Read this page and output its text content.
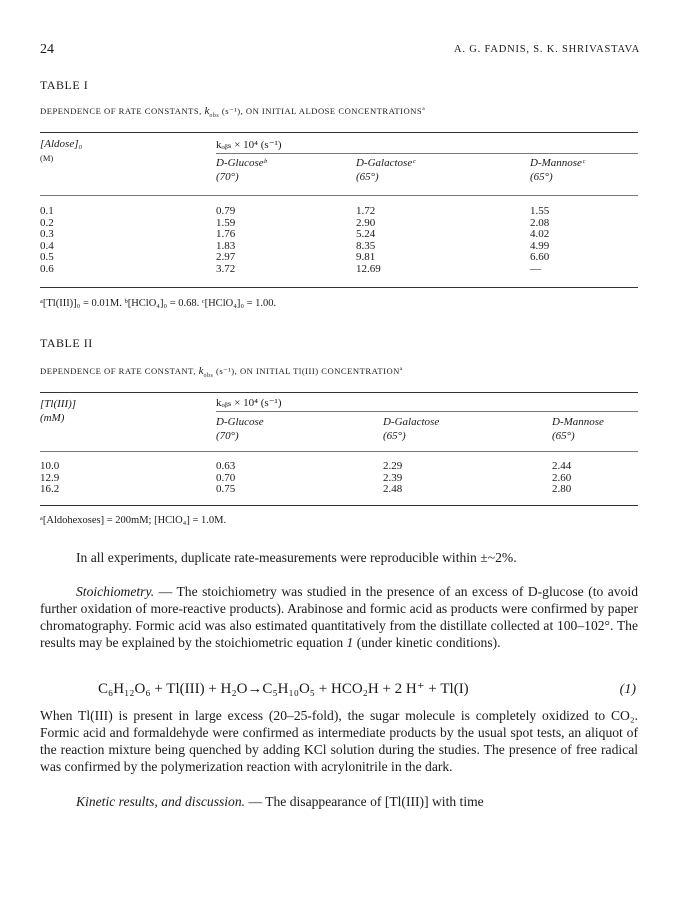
24	A. G. FADNIS, S. K. SHRIVASTAVA
TABLE I
DEPENDENCE OF RATE CONSTANTS, $k_{obs}$ (s⁻¹), ON INITIAL ALDOSE CONCENTRATIONS$^a$
[Aldose]₀
(M)
kₒᵦₛ × 10⁴ (s⁻¹)
D-Glucoseᵇ
(70°)
D-Galactoseᶜ
(65°)
D-Mannoseᶜ
(65°)
0.1
0.2
0.3
0.4
0.5
0.6
0.79
1.59
1.76
1.83
2.97
3.72
1.72
2.90
5.24
8.35
9.81
12.69
1.55
2.08
4.02
4.99
6.60
—
ᵃ[Tl(III)]₀ = 0.01M. ᵇ[HClO₄]₀ = 0.68. ᶜ[HClO₄]₀ = 1.00.
TABLE II
DEPENDENCE OF RATE CONSTANT, $k_{obs}$ (s⁻¹), ON INITIAL Tl(III) CONCENTRATION$^a$
[Tl(III)]
(mM)
kₒᵦₛ × 10⁴ (s⁻¹)
D-Glucose
(70°)
D-Galactose
(65°)
D-Mannose
(65°)
10.0
12.9
16.2
0.63
0.70
0.75
2.29
2.39
2.48
2.44
2.60
2.80
ᵃ[Aldohexoses] = 200mM; [HClO₄] = 1.0M.
In all experiments, duplicate rate-measurements were reproducible within ±~2%.
Stoichiometry. — The stoichiometry was studied in the presence of an excess of D-glucose (to avoid further oxidation of more-reactive products). Arabinose and formic acid as products were confirmed by paper chromatography. Formic acid was also estimated quantitatively from the distillate collected at 100–102°. The results may be explained by the stoichiometric equation 1 (under kinetic conditions).
C₆H₁₂O₆ + Tl(III) + H₂O→C₅H₁₀O₅ + HCO₂H + 2 H⁺ + Tl(I)	(1)
When Tl(III) is present in large excess (20–25-fold), the sugar molecule is completely oxidized to CO₂. Formic acid and formaldehyde were confirmed as intermediate products by the usual spot tests, an aliquot of the reaction mixture being quenched by adding KCl solution during the studies. The presence of free radical was confirmed by the polymerization reaction with acrylonitrile in the dark.
Kinetic results, and discussion. — The disappearance of [Tl(III)] with time
